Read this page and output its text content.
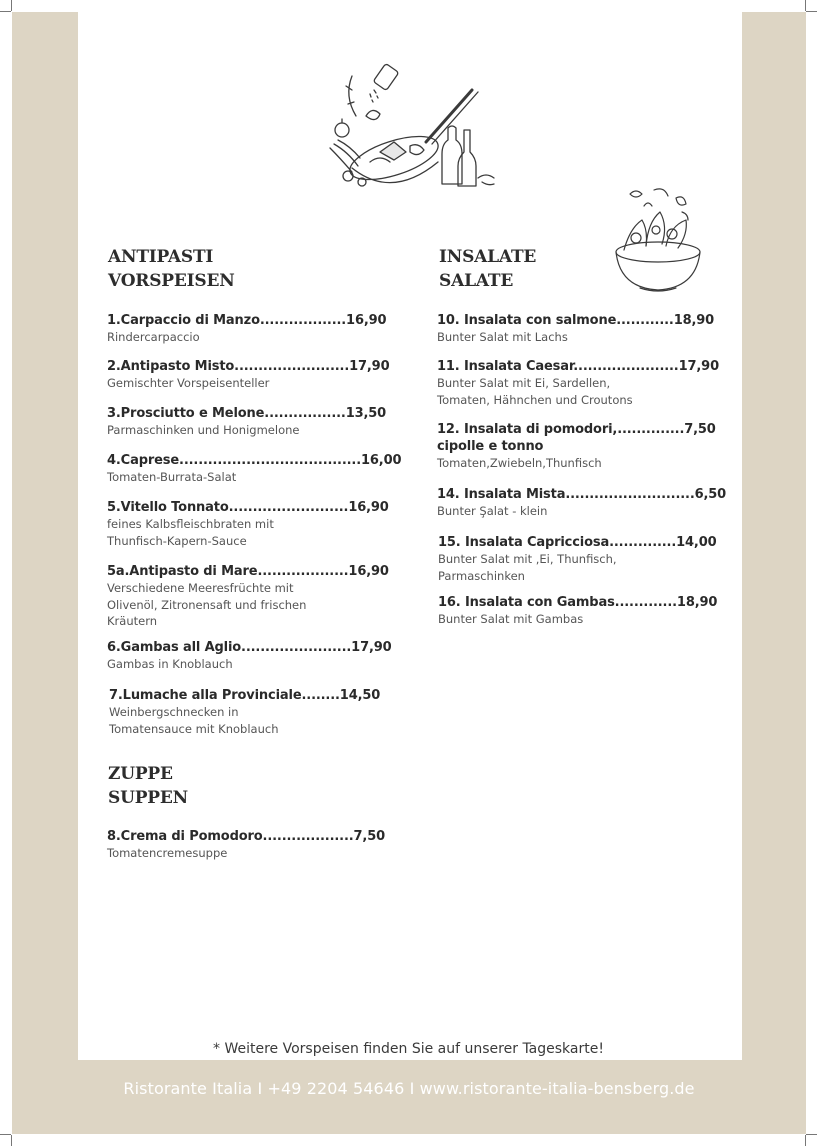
ANTIPASTI
VORSPEISEN
INSALATE
SALATE
1.Carpaccio di Manzo..................16,90
Rindercarpaccio
2.Antipasto Misto........................17,90
Gemischter Vorspeisenteller
3.Prosciutto e Melone.................13,50
Parmaschinken und Honigmelone
4.Caprese......................................16,00
Tomaten-Burrata-Salat
5.Vitello Tonnato.........................16,90
feines Kalbsfleischbraten mit
Thunfisch-Kapern-Sauce
5a.Antipasto di Mare...................16,90
Verschiedene Meeresfrüchte mit
Olivenöl, Zitronensaft und frischen
Kräutern
6.Gambas all Aglio.......................17,90
Gambas in Knoblauch
7.Lumache alla Provinciale........14,50
Weinbergschnecken in
Tomatensauce mit Knoblauch
ZUPPE
SUPPEN
8.Crema di Pomodoro...................7,50
Tomatencremesuppe
10. Insalata con salmone............18,90
Bunter Salat mit Lachs
11. Insalata Caesar......................17,90
Bunter Salat mit Ei, Sardellen,
Tomaten, Hähnchen und Croutons
12. Insalata di pomodori,..............7,50
cipolle e tonno
Tomaten,Zwiebeln,Thunfisch
14. Insalata Mista...........................6,50
Bunter Şalat - klein
15. Insalata Capricciosa..............14,00
Bunter Salat mit ,Ei, Thunfisch,
Parmaschinken
16. Insalata con Gambas.............18,90
Bunter Salat mit Gambas
* Weitere Vorspeisen finden Sie auf unserer Tageskarte!
Ristorante Italia I +49 2204 54646 I www.ristorante-italia-bensberg.de
